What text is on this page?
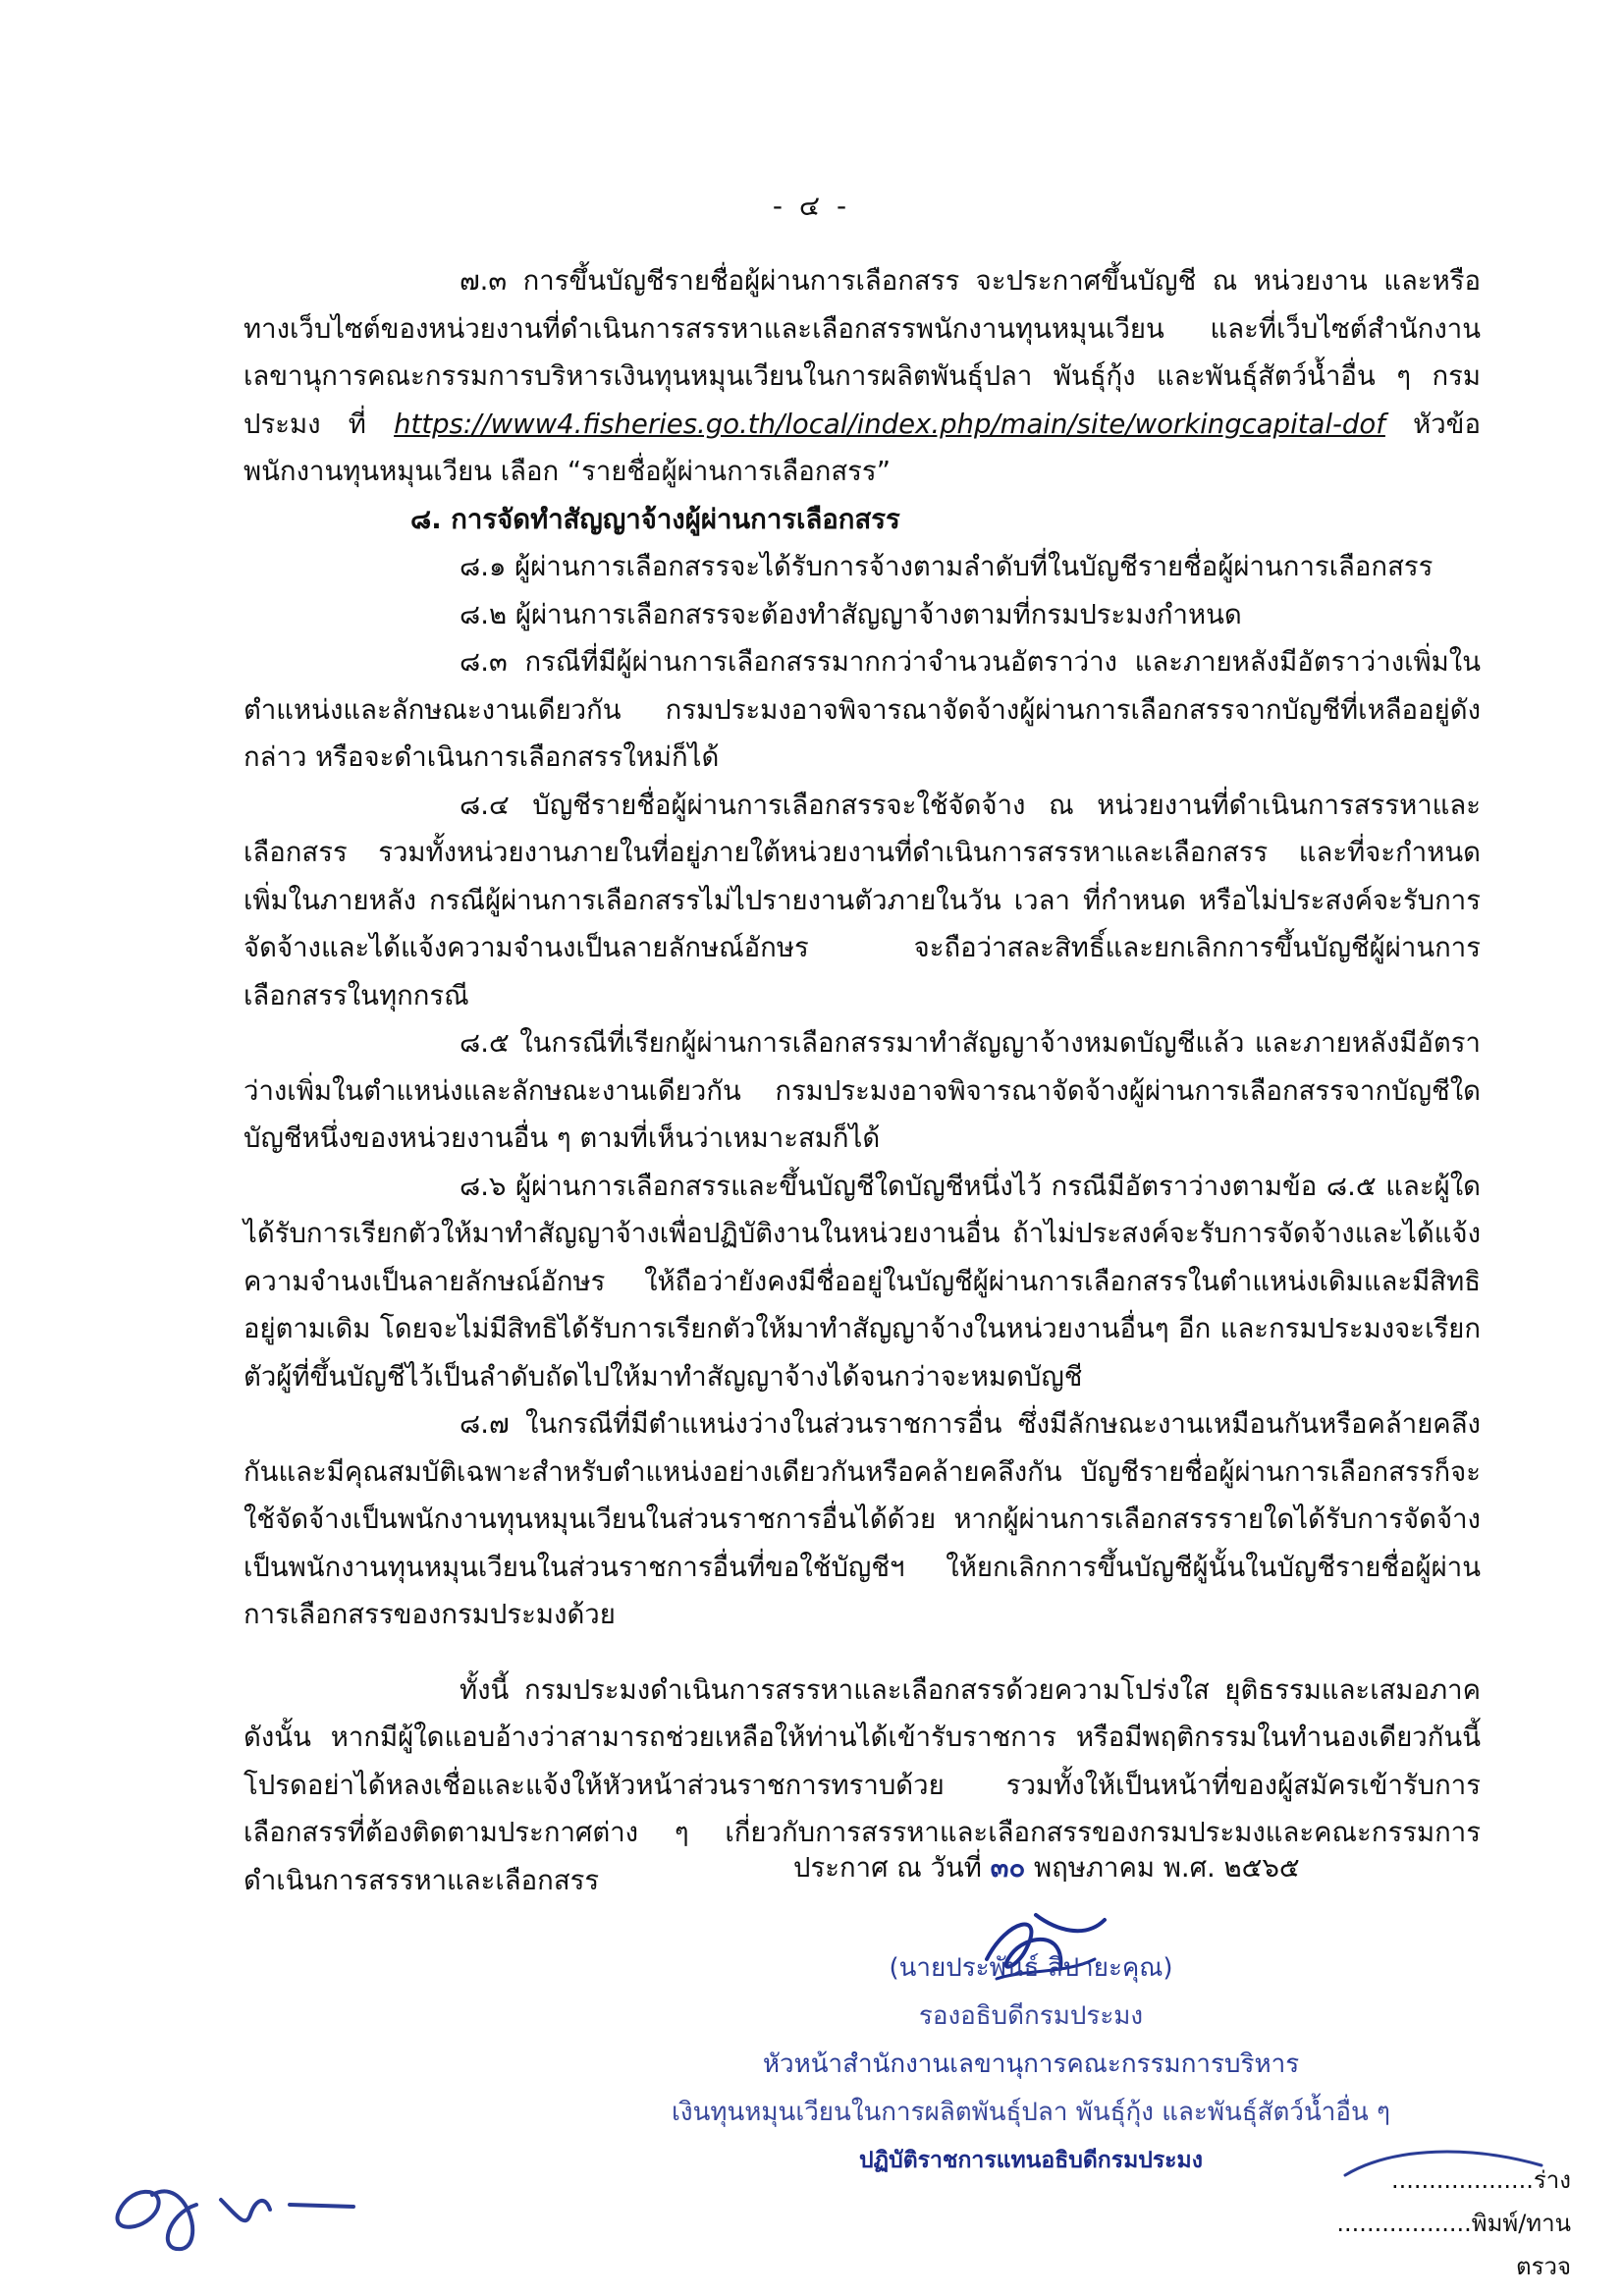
- ๔ -

๗.๓ การขึ้นบัญชีรายชื่อผู้ผ่านการเลือกสรร จะประกาศขึ้นบัญชี ณ หน่วยงาน และหรือทางเว็บไซต์ของหน่วยงานที่ดำเนินการสรรหาและเลือกสรรพนักงานทุนหมุนเวียน และที่เว็บไซต์สำนักงานเลขานุการคณะกรรมการบริหารเงินทุนหมุนเวียนในการผลิตพันธุ์ปลา พันธุ์กุ้ง และพันธุ์สัตว์น้ำอื่น ๆ กรมประมง ที่ https://www4.fisheries.go.th/local/index.php/main/site/workingcapital-dof หัวข้อพนักงานทุนหมุนเวียน เลือก “รายชื่อผู้ผ่านการเลือกสรร”

๘. การจัดทำสัญญาจ้างผู้ผ่านการเลือกสรร

๘.๑ ผู้ผ่านการเลือกสรรจะได้รับการจ้างตามลำดับที่ในบัญชีรายชื่อผู้ผ่านการเลือกสรร

๘.๒ ผู้ผ่านการเลือกสรรจะต้องทำสัญญาจ้างตามที่กรมประมงกำหนด

๘.๓ กรณีที่มีผู้ผ่านการเลือกสรรมากกว่าจำนวนอัตราว่าง และภายหลังมีอัตราว่างเพิ่มในตำแหน่งและลักษณะงานเดียวกัน กรมประมงอาจพิจารณาจัดจ้างผู้ผ่านการเลือกสรรจากบัญชีที่เหลืออยู่ดังกล่าว หรือจะดำเนินการเลือกสรรใหม่ก็ได้

๘.๔ บัญชีรายชื่อผู้ผ่านการเลือกสรรจะใช้จัดจ้าง ณ หน่วยงานที่ดำเนินการสรรหาและเลือกสรร รวมทั้งหน่วยงานภายในที่อยู่ภายใต้หน่วยงานที่ดำเนินการสรรหาและเลือกสรร และที่จะกำหนดเพิ่มในภายหลัง กรณีผู้ผ่านการเลือกสรรไม่ไปรายงานตัวภายในวัน เวลา ที่กำหนด หรือไม่ประสงค์จะรับการจัดจ้างและได้แจ้งความจำนงเป็นลายลักษณ์อักษร จะถือว่าสละสิทธิ์และยกเลิกการขึ้นบัญชีผู้ผ่านการเลือกสรรในทุกกรณี

๘.๕ ในกรณีที่เรียกผู้ผ่านการเลือกสรรมาทำสัญญาจ้างหมดบัญชีแล้ว และภายหลังมีอัตราว่างเพิ่มในตำแหน่งและลักษณะงานเดียวกัน กรมประมงอาจพิจารณาจัดจ้างผู้ผ่านการเลือกสรรจากบัญชีใดบัญชีหนึ่งของหน่วยงานอื่น ๆ ตามที่เห็นว่าเหมาะสมก็ได้

๘.๖ ผู้ผ่านการเลือกสรรและขึ้นบัญชีใดบัญชีหนึ่งไว้ กรณีมีอัตราว่างตามข้อ ๘.๕ และผู้ใดได้รับการเรียกตัวให้มาทำสัญญาจ้างเพื่อปฏิบัติงานในหน่วยงานอื่น ถ้าไม่ประสงค์จะรับการจัดจ้างและได้แจ้งความจำนงเป็นลายลักษณ์อักษร ให้ถือว่ายังคงมีชื่ออยู่ในบัญชีผู้ผ่านการเลือกสรรในตำแหน่งเดิมและมีสิทธิอยู่ตามเดิม โดยจะไม่มีสิทธิได้รับการเรียกตัวให้มาทำสัญญาจ้างในหน่วยงานอื่นๆ อีก และกรมประมงจะเรียกตัวผู้ที่ขึ้นบัญชีไว้เป็นลำดับถัดไปให้มาทำสัญญาจ้างได้จนกว่าจะหมดบัญชี

๘.๗ ในกรณีที่มีตำแหน่งว่างในส่วนราชการอื่น ซึ่งมีลักษณะงานเหมือนกันหรือคล้ายคลึงกันและมีคุณสมบัติเฉพาะสำหรับตำแหน่งอย่างเดียวกันหรือคล้ายคลึงกัน บัญชีรายชื่อผู้ผ่านการเลือกสรรก็จะใช้จัดจ้างเป็นพนักงานทุนหมุนเวียนในส่วนราชการอื่นได้ด้วย หากผู้ผ่านการเลือกสรรรายใดได้รับการจัดจ้างเป็นพนักงานทุนหมุนเวียนในส่วนราชการอื่นที่ขอใช้บัญชีฯ ให้ยกเลิกการขึ้นบัญชีผู้นั้นในบัญชีรายชื่อผู้ผ่านการเลือกสรรของกรมประมงด้วย

ทั้งนี้ กรมประมงดำเนินการสรรหาและเลือกสรรด้วยความโปร่งใส ยุติธรรมและเสมอภาค ดังนั้น หากมีผู้ใดแอบอ้างว่าสามารถช่วยเหลือให้ท่านได้เข้ารับราชการ หรือมีพฤติกรรมในทำนองเดียวกันนี้ โปรดอย่าได้หลงเชื่อและแจ้งให้หัวหน้าส่วนราชการทราบด้วย รวมทั้งให้เป็นหน้าที่ของผู้สมัครเข้ารับการเลือกสรรที่ต้องติดตามประกาศต่าง ๆ เกี่ยวกับการสรรหาและเลือกสรรของกรมประมงและคณะกรรมการดำเนินการสรรหาและเลือกสรร	ประกาศ ณ วันที่ ๓๐ พฤษภาคม พ.ศ. ๒๕๖๕
(นายประพันธ์ ลีปายะคุณ)
รองอธิบดีกรมประมง
หัวหน้าสำนักงานเลขานุการคณะกรรมการบริหาร
เงินทุนหมุนเวียนในการผลิตพันธุ์ปลา พันธุ์กุ้ง และพันธุ์สัตว์น้ำอื่น ๆ
ปฏิบัติราชการแทนอธิบดีกรมประมง
...................ร่าง
..................พิมพ์/ทาน
ตรวจ
